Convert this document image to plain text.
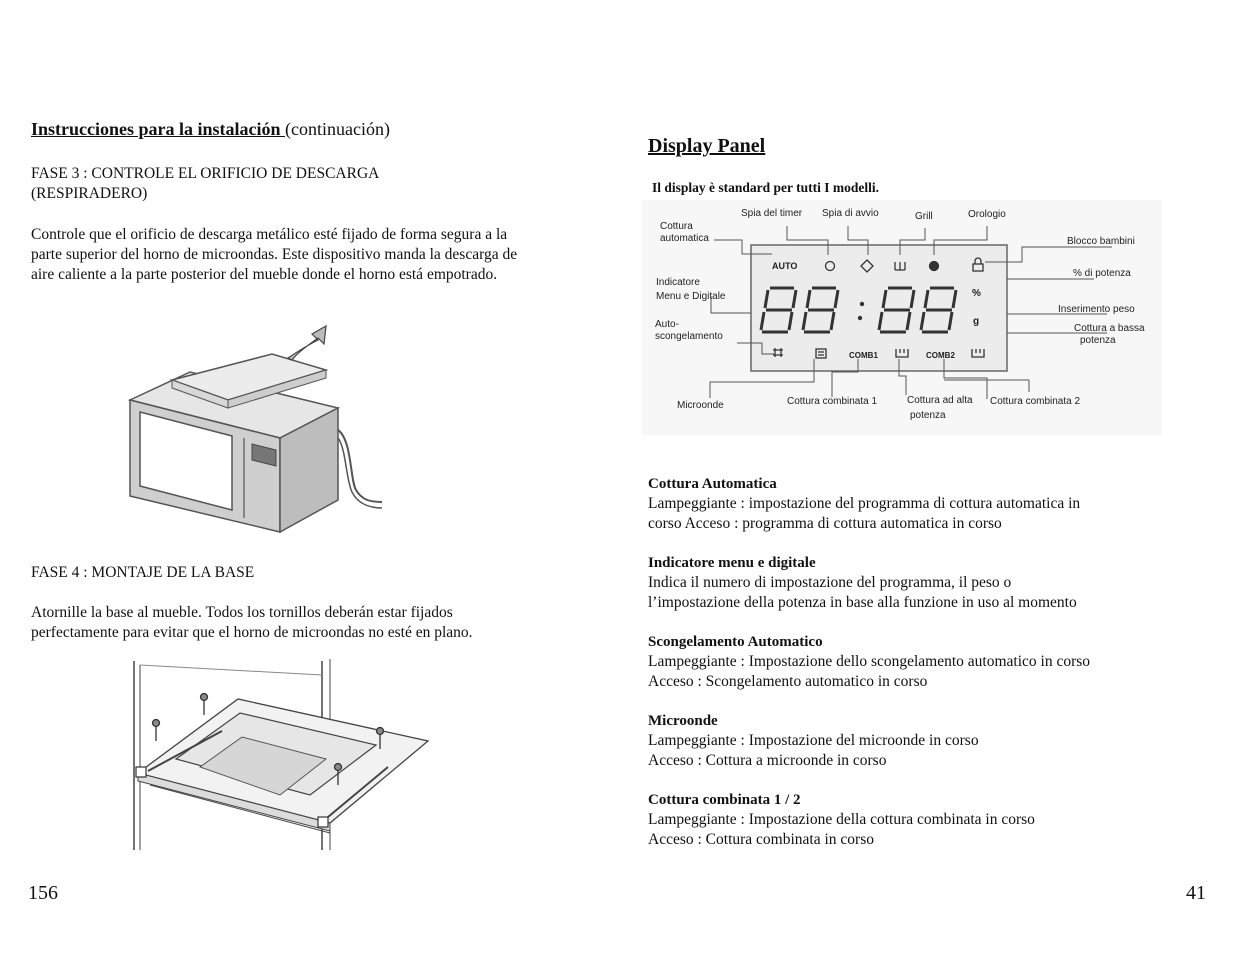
Instrucciones para la instalación (continuación)

FASE 3 : CONTROLE EL ORIFICIO DE DESCARGA (RESPIRADERO)

Controle que el orificio de descarga metálico esté fijado de forma segura a la parte superior del horno de microondas. Este dispositivo manda la descarga de aire caliente a la parte posterior del mueble donde el horno está empotrado.

FASE 4 : MONTAJE DE LA BASE

Atornille la base al mueble. Todos los tornillos deberán estar fijados perfectamente para evitar que el horno de microondas no esté en plano.

156
Display Panel
Il display è standard per tutti I modelli.
AUTO
COMB1	COMB2
%
g
Cottura
automatica
Spia del timer Spia di avvio	Grill	Orologio
Blocco bambini
% di potenza
Indicatore
Menu e Digitale
Inserimento peso
Cottura a bassa
potenza
Auto-
scongelamento
Microonde	Cottura combinata 1	Cottura ad alta
potenza
Cottura combinata 2
Cottura Automatica
Lampeggiante : impostazione del programma di cottura automatica in
corso Acceso : programma di cottura automatica in corso
Indicatore menu e digitale
Indica il numero di impostazione del programma, il peso o
l’impostazione della potenza in base alla funzione in uso al momento
Scongelamento Automatico
Lampeggiante : Impostazione dello scongelamento automatico in corso
Acceso : Scongelamento automatico in corso
Microonde
Lampeggiante : Impostazione del microonde in corso
Acceso : Cottura a microonde in corso
Cottura combinata 1 / 2
Lampeggiante : Impostazione della cottura combinata in corso
Acceso : Cottura combinata in corso
41
